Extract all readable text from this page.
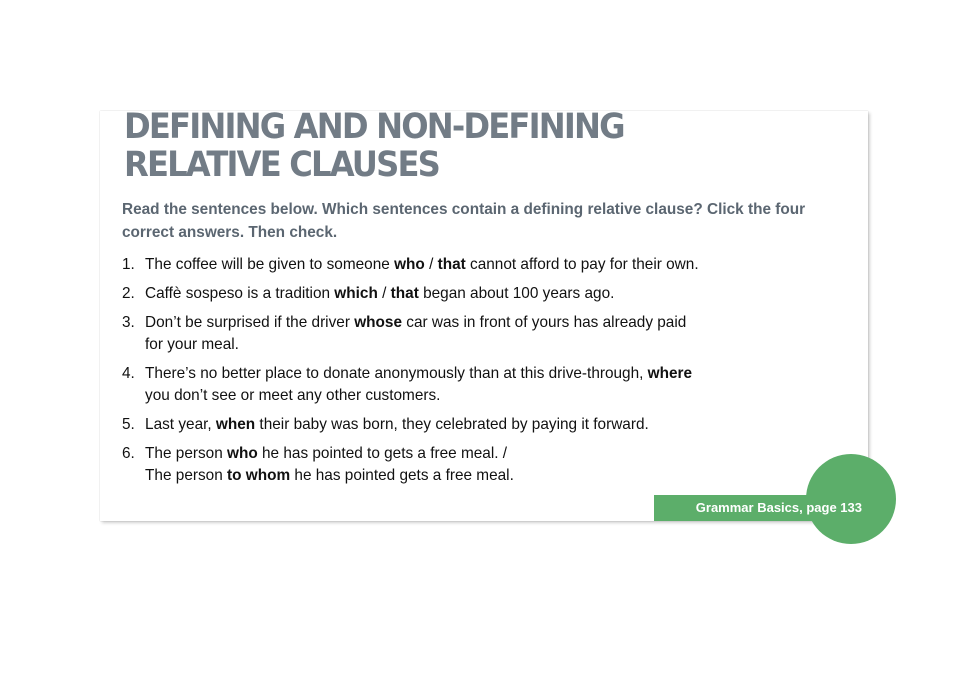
DEFINING AND NON-DEFINING
RELATIVE CLAUSES

Read the sentences below. Which sentences contain a defining relative clause? Click the four correct answers. Then check.

1. The coffee will be given to someone who / that cannot afford to pay for their own.
2. Caffè sospeso is a tradition which / that began about 100 years ago.
3. Don’t be surprised if the driver whose car was in front of yours has already paid
for your meal.
4. There’s no better place to donate anonymously than at this drive-through, where
you don’t see or meet any other customers.
5. Last year, when their baby was born, they celebrated by paying it forward.
6. The person who he has pointed to gets a free meal. /
The person to whom he has pointed gets a free meal.
Grammar Basics, page 133
